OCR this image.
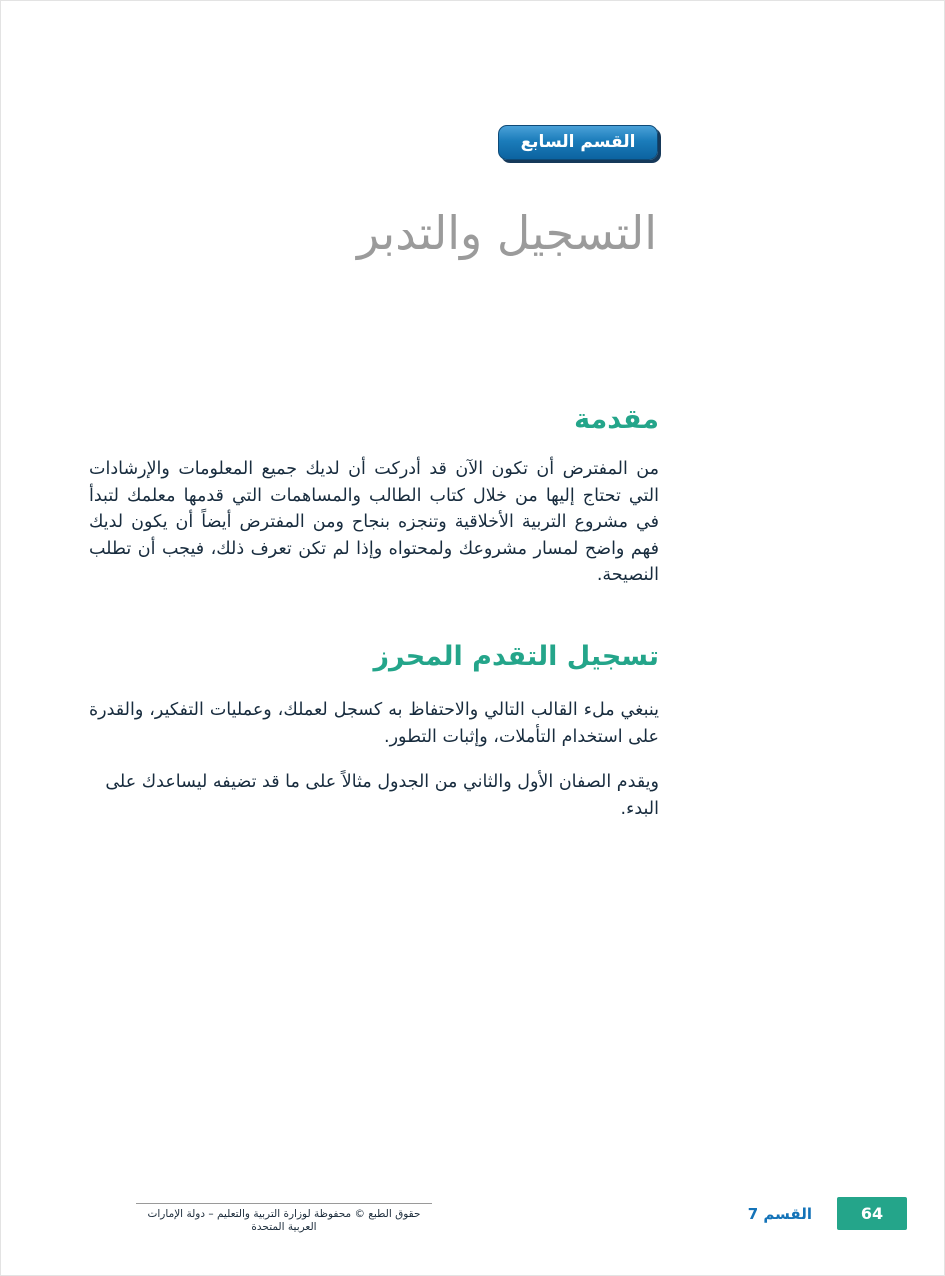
القسم السابع
التسجيل والتدبر
مقدمة

من المفترض أن تكون الآن قد أدركت أن لديك جميع المعلومات والإرشادات التي تحتاج إليها من خلال كتاب الطالب والمساهمات التي قدمها معلمك لتبدأ في مشروع التربية الأخلاقية وتنجزه بنجاح ومن المفترض أيضاً أن يكون لديك فهم واضح لمسار مشروعك ولمحتواه وإذا لم تكن تعرف ذلك، فيجب أن تطلب النصيحة.

تسجيل التقدم المحرز

ينبغي ملء القالب التالي والاحتفاظ به كسجل لعملك، وعمليات التفكير، والقدرة على استخدام التأملات، وإثبات التطور.

ويقدم الصفان الأول والثاني من الجدول مثالاً على ما قد تضيفه ليساعدك على البدء.

حقوق الطبع © محفوظة لوزارة التربية والتعليم – دولة الإمارات العربية المتحدة
القسم 7	64
